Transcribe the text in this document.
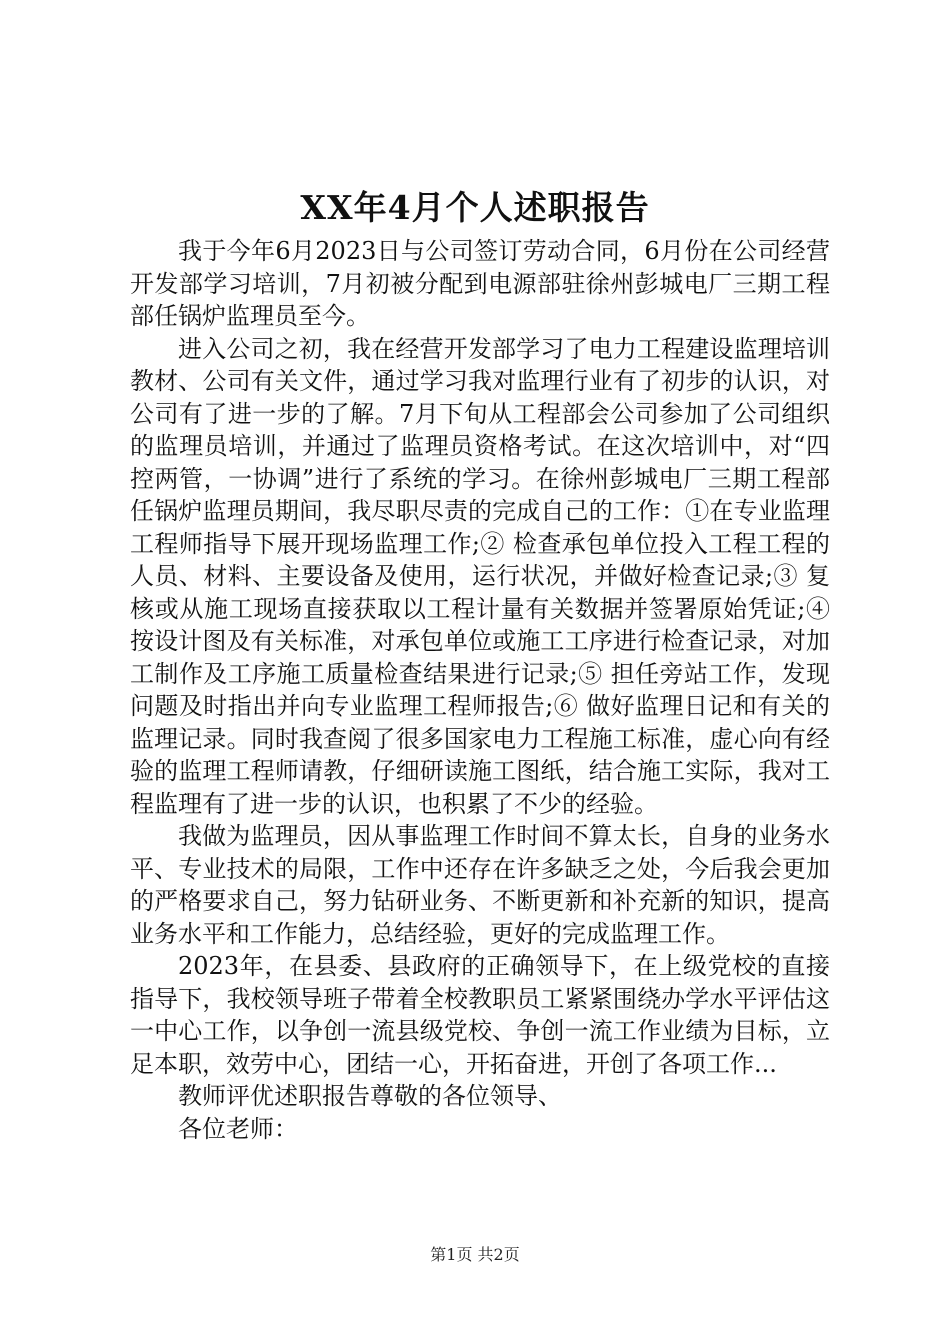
XX年4月个人述职报告

我于今年6月2023日与公司签订劳动合同，6月份在公司经营开发部学习培训，7月初被分配到电源部驻徐州彭城电厂三期工程部任锅炉监理员至今。

进入公司之初，我在经营开发部学习了电力工程建设监理培训教材、公司有关文件，通过学习我对监理行业有了初步的认识，对公司有了进一步的了解。7月下旬从工程部会公司参加了公司组织的监理员培训，并通过了监理员资格考试。在这次培训中，对“四控两管，一协调”进行了系统的学习。在徐州彭城电厂三期工程部任锅炉监理员期间，我尽职尽责的完成自己的工作：①在专业监理工程师指导下展开现场监理工作;② 检查承包单位投入工程工程的人员、材料、主要设备及使用，运行状况，并做好检查记录;③ 复核或从施工现场直接获取以工程计量有关数据并签署原始凭证;④ 按设计图及有关标准，对承包单位或施工工序进行检查记录，对加工制作及工序施工质量检查结果进行记录;⑤ 担任旁站工作，发现问题及时指出并向专业监理工程师报告;⑥ 做好监理日记和有关的监理记录。同时我查阅了很多国家电力工程施工标准，虚心向有经验的监理工程师请教，仔细研读施工图纸，结合施工实际，我对工程监理有了进一步的认识，也积累了不少的经验。

我做为监理员，因从事监理工作时间不算太长，自身的业务水平、专业技术的局限，工作中还存在许多缺乏之处，今后我会更加的严格要求自己，努力钻研业务、不断更新和补充新的知识，提高业务水平和工作能力，总结经验，更好的完成监理工作。

2023年，在县委、县政府的正确领导下，在上级党校的直接指导下，我校领导班子带着全校教职员工紧紧围绕办学水平评估这一中心工作，以争创一流县级党校、争创一流工作业绩为目标，立足本职，效劳中心，团结一心，开拓奋进，开创了各项工作...

教师评优述职报告尊敬的各位领导、

各位老师：

第1页 共2页
